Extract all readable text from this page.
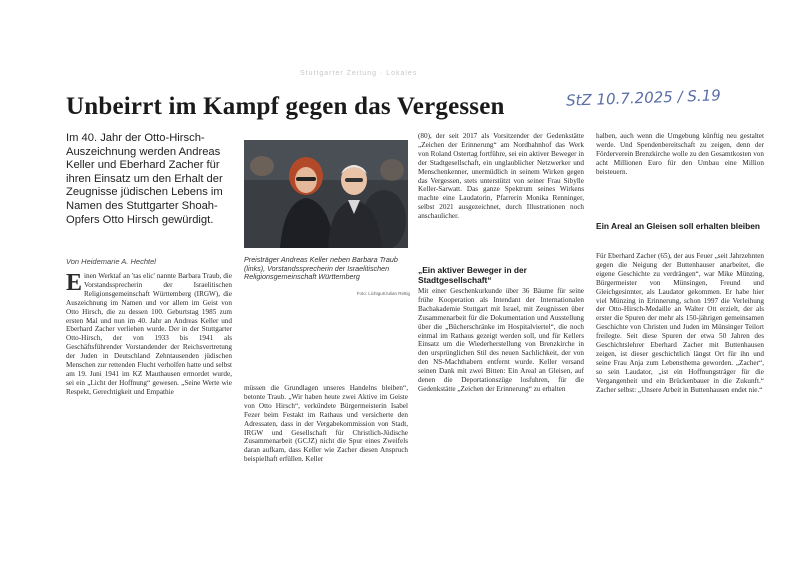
Stuttgarter Zeitung · Lokales
Unbeirrt im Kampf gegen das Vergessen	StZ 10.7.2025 / S.19
Im 40. Jahr der Otto-Hirsch-Auszeichnung werden Andreas Keller und Eberhard Zacher für ihren Einsatz um den Erhalt der Zeugnisse jüdischen Lebens im Namen des Stuttgarter Shoah-Opfers Otto Hirsch gewürdigt.
Von Heidemarie A. Hechtel
Einen Werktaf an 'tas elic' nannte Barbara Traub, die Vorstandssprecherin der Israelitischen Religionsgemeinschaft Württemberg (IRGW), die Auszeichnung im Namen und vor allem im Geist von Otto Hirsch, die zu dessen 100. Geburtstag 1985 zum ersten Mal und nun im 40. Jahr an Andreas Keller und Eberhard Zacher verliehen wurde. Der in der Stuttgarter Otto-Hirsch, der von 1933 bis 1941 als Geschäftsführender Vorstandender der Reichsvertretung der Juden in Deutschland Zehntausenden jüdischen Menschen zur rettenden Flucht verholfen hatte und selbst am 19. Juni 1941 im KZ Mauthausen ermordet wurde, sei ein „Licht der Hoffnung“ gewesen. „Seine Werte wie Respekt, Gerechtigkeit und Empathie
Preisträger Andreas Keller neben Barbara Traub (links), Vorstandssprecherin der Israelitischen Religionsgemeinschaft Württemberg
Foto: Lichtgut/Julian Rettig
müssen die Grundlagen unseres Handelns bleiben“, betonte Traub. „Wir haben heute zwei Aktive im Geiste von Otto Hirsch“, verkündete Bürgermeisterin Isabel Fezer beim Festakt im Rathaus und versicherte den Adressaten, dass in der Vergabekommission von Stadt, IRGW und Gesellschaft für Christlich-Jüdische Zusammenarbeit (GCJZ) nicht die Spur eines Zweifels daran aufkam, dass Keller wie Zacher diesen Anspruch beispielhaft erfüllen. Keller
(80), der seit 2017 als Vorsitzender der Gedenkstätte „Zeichen der Erinnerung“ am Nordbahnhof das Werk von Roland Ostertag fortführe, sei ein aktiver Beweger in der Stadtgesellschaft, ein unglaublicher Netzwerker und Menschenkenner, unermüdlich in seinem Wirken gegen das Vergessen, stets unterstützt von seiner Frau Sibylle Keller-Sarwatt. Das ganze Spektrum seines Wirkens machte eine Laudatorin, Pfarrerin Monika Renninger, selbst 2021 ausgezeichnet, durch Illustrationen noch anschaulicher.
„Ein aktiver Beweger in der Stadtgesellschaft“
Mit einer Geschenkurkunde über 36 Bäume für seine frühe Kooperation als Intendant der Internationalen Bachakademie Stuttgart mit Israel, mit Zeugnissen über Zusammenarbeit für die Dokumentation und Ausstellung über die „Bücherschränke im Hospitalviertel“, die noch einmal im Rathaus gezeigt werden soll, und für Kellers Einsatz um die Wiederherstellung von Brenzkirche in den ursprünglichen Stil des neuen Sachlichkeit, der von den NS-Machthabern entfernt wurde. Keller versand seinen Dank mit zwei Bitten: Ein Areal an Gleisen, auf denen die Deportationszüge losfuhren, für die Gedenkstätte „Zeichen der Erinnerung“ zu erhalten
halben, auch wenn die Umgebung künftig neu gestaltet werde. Und Spendenbereitschaft zu zeigen, denn der Förderverein Brenzkirche wolle zu den Gesamtkosten von acht Millionen Euro für den Umbau eine Million beisteuern.
Ein Areal an Gleisen soll erhalten bleiben
Für Eberhard Zacher (65), der aus Feuer „seit Jahrzehnten gegen die Neigung der Buttenhauser anarbeitet, die eigene Geschichte zu verdrängen“, war Mike Münzing, Bürgermeister von Münsingen, Freund und Gleichgesinnter, als Laudator gekommen. Er habe hier viel Münzing in Erinnerung, schon 1997 die Verleihung der Otto-Hirsch-Medaille an Walter Ott erzielt, der als erster die Spuren der mehr als 150-jährigen gemeinsamen Geschichte von Christen und Juden im Münsinger Teilort freilegte. Seit diese Spuren der etwa 50 Jahren des Geschichtslehrer Eberhard Zacher mit Buttenhausen zeigen, ist dieser geschichtlich längst Ort für ihn und seine Frau Anja zum Lebensthema geworden. „Zacher“, so sein Laudator, „ist ein Hoffnungsträger für die Vergangenheit und ein Brückenbauer in die Zukunft.“ Zacher selbst: „Unsere Arbeit in Buttenhausen endet nie.“
